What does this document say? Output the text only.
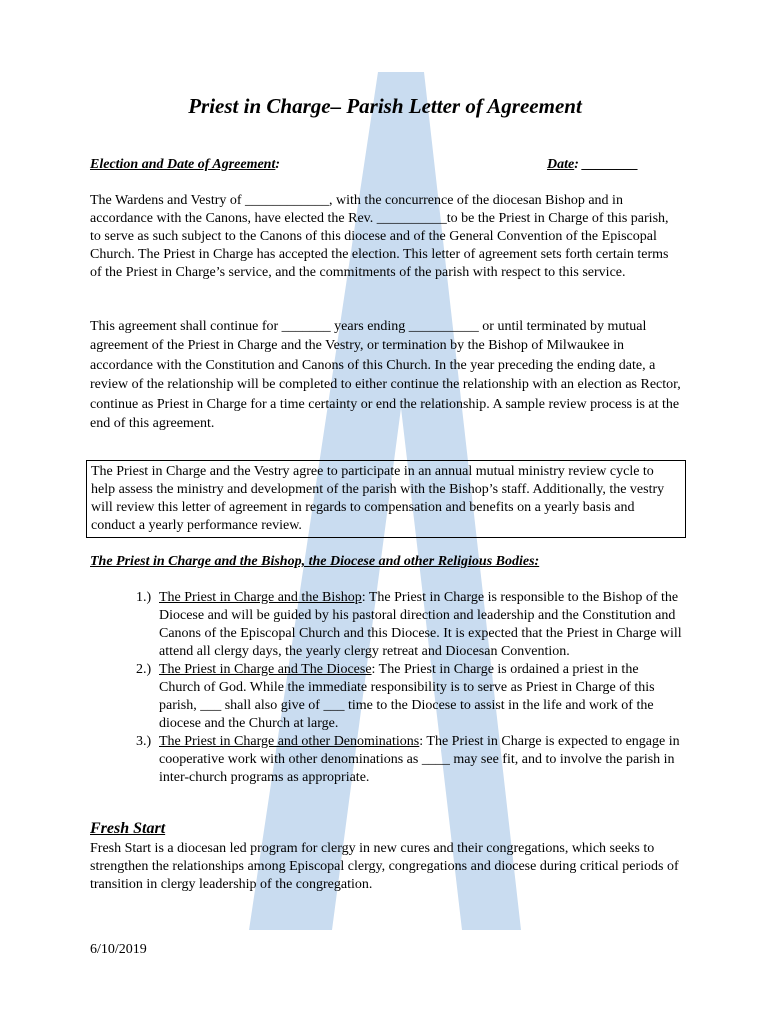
Priest in Charge– Parish Letter of Agreement
Election and Date of Agreement:	Date: ________
The Wardens and Vestry of ____________, with the concurrence of the diocesan Bishop and in accordance with the Canons, have elected the Rev. __________to be the Priest in Charge of this parish, to serve as such subject to the Canons of this diocese and of the General Convention of the Episcopal Church. The Priest in Charge has accepted the election. This letter of agreement sets forth certain terms of the Priest in Charge’s service, and the commitments of the parish with respect to this service.
This agreement shall continue for _______ years ending __________ or until terminated by mutual agreement of the Priest in Charge and the Vestry, or termination by the Bishop of Milwaukee in accordance with the Constitution and Canons of this Church. In the year preceding the ending date, a review of the relationship will be completed to either continue the relationship with an election as Rector, continue as Priest in Charge for a time certainty or end the relationship. A sample review process is at the end of this agreement.
The Priest in Charge and the Vestry agree to participate in an annual mutual ministry review cycle to help assess the ministry and development of the parish with the Bishop’s staff. Additionally, the vestry will review this letter of agreement in regards to compensation and benefits on a yearly basis and conduct a yearly performance review.
The Priest in Charge and the Bishop, the Diocese and other Religious Bodies:
1.) The Priest in Charge and the Bishop: The Priest in Charge is responsible to the Bishop of the Diocese and will be guided by his pastoral direction and leadership and the Constitution and Canons of the Episcopal Church and this Diocese. It is expected that the Priest in Charge will attend all clergy days, the yearly clergy retreat and Diocesan Convention.
2.) The Priest in Charge and The Diocese: The Priest in Charge is ordained a priest in the Church of God. While the immediate responsibility is to serve as Priest in Charge of this parish, ___ shall also give of ___ time to the Diocese to assist in the life and work of the diocese and the Church at large.
3.) The Priest in Charge and other Denominations: The Priest in Charge is expected to engage in cooperative work with other denominations as ____ may see fit, and to involve the parish in inter-church programs as appropriate.
Fresh Start
Fresh Start is a diocesan led program for clergy in new cures and their congregations, which seeks to strengthen the relationships among Episcopal clergy, congregations and diocese during critical periods of transition in clergy leadership of the congregation.
6/10/2019
